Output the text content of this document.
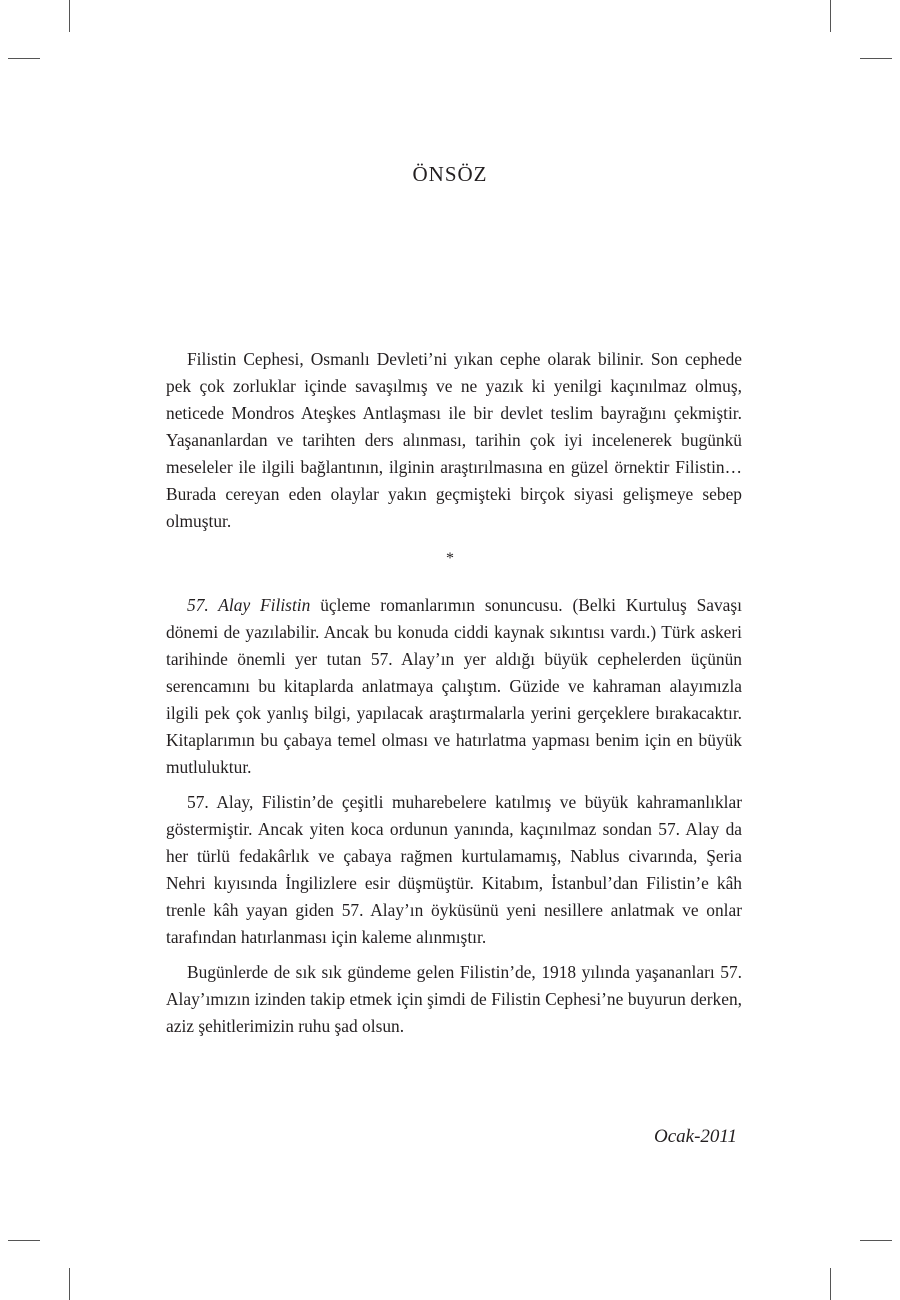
ÖNSÖZ

Filistin Cephesi, Osmanlı Devleti’ni yıkan cephe olarak bilinir. Son cephede pek çok zorluklar içinde savaşılmış ve ne yazık ki yenilgi kaçınılmaz olmuş, neticede Mondros Ateşkes Antlaşması ile bir devlet teslim bayrağını çekmiştir. Yaşananlardan ve tarihten ders alınması, tarihin çok iyi incelenerek bugünkü meseleler ile ilgili bağlantının, ilginin araştırılmasına en güzel örnektir Filistin… Burada cereyan eden olaylar yakın geçmişteki birçok siyasi gelişmeye sebep olmuştur.

*

57. Alay Filistin üçleme romanlarımın sonuncusu. (Belki Kurtuluş Savaşı dönemi de yazılabilir. Ancak bu konuda ciddi kaynak sıkıntısı vardı.) Türk askeri tarihinde önemli yer tutan 57. Alay’ın yer aldığı büyük cephelerden üçünün serencamını bu kitaplarda anlatmaya çalıştım. Güzide ve kahraman alayımızla ilgili pek çok yanlış bilgi, yapılacak araştırmalarla yerini gerçeklere bırakacaktır. Kitaplarımın bu çabaya temel olması ve hatırlatma yapması benim için en büyük mutluluktur.

57. Alay, Filistin’de çeşitli muharebelere katılmış ve büyük kahramanlıklar göstermiştir. Ancak yiten koca ordunun yanında, kaçınılmaz sondan 57. Alay da her türlü fedakârlık ve çabaya rağmen kurtulamamış, Nablus civarında, Şeria Nehri kıyısında İngilizlere esir düşmüştür. Kitabım, İstanbul’dan Filistin’e kâh trenle kâh yayan giden 57. Alay’ın öyküsünü yeni nesillere anlatmak ve onlar tarafından hatırlanması için kaleme alınmıştır.

Bugünlerde de sık sık gündeme gelen Filistin’de, 1918 yılında yaşananları 57. Alay’ımızın izinden takip etmek için şimdi de Filistin Cephesi’ne buyurun derken, aziz şehitlerimizin ruhu şad olsun.

Ocak-2011
